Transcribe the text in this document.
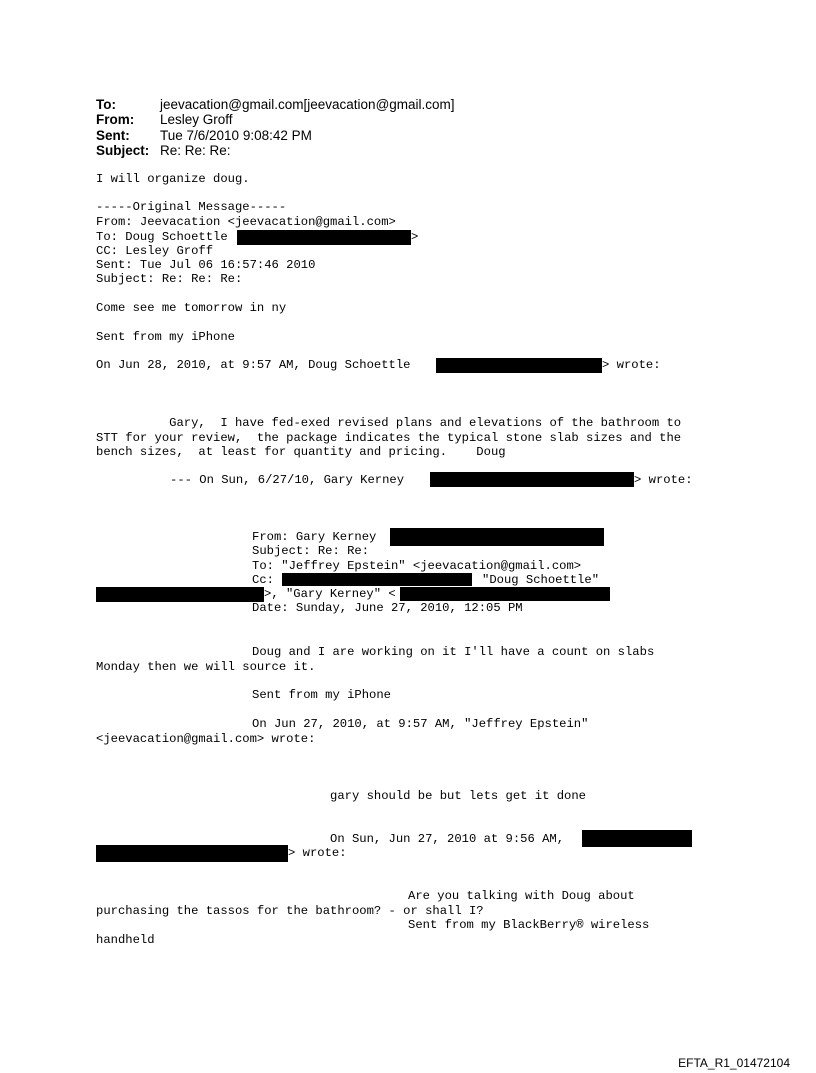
To:	jeevacation@gmail.com[jeevacation@gmail.com]
From: Lesley Groff
Sent: Tue 7/6/2010 9:08:42 PM
Subject: Re: Re: Re:
I will organize doug.
-----Original Message-----
From: Jeevacation <jeevacation@gmail.com>
To: Doug Schoettle	>
CC: Lesley Groff
Sent: Tue Jul 06 16:57:46 2010
Subject: Re: Re: Re:
Come see me tomorrow in ny
Sent from my iPhone
On Jun 28, 2010, at 9:57 AM, Doug Schoettle	> wrote:
Gary,  I have fed-exed revised plans and elevations of the bathroom to
STT for your review,  the package indicates the typical stone slab sizes and the
bench sizes,  at least for quantity and pricing.    Doug
--- On Sun, 6/27/10, Gary Kerney	> wrote:
From: Gary Kerney
Subject: Re: Re:
To: "Jeffrey Epstein" <jeevacation@gmail.com>
Cc:	"Doug Schoettle"
>, "Gary Kerney" <
Date: Sunday, June 27, 2010, 12:05 PM
Doug and I are working on it I'll have a count on slabs
Monday then we will source it.
Sent from my iPhone
On Jun 27, 2010, at 9:57 AM, "Jeffrey Epstein"
<jeevacation@gmail.com> wrote:
gary should be but lets get it done
On Sun, Jun 27, 2010 at 9:56 AM,
> wrote:
Are you talking with Doug about
purchasing the tassos for the bathroom? - or shall I?
Sent from my BlackBerry® wireless
handheld
EFTA_R1_01472104
